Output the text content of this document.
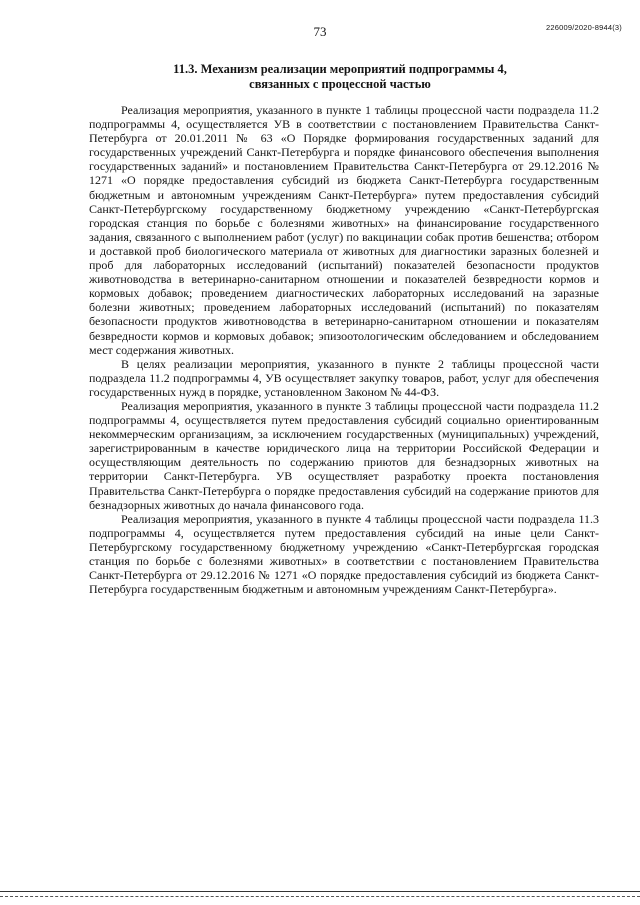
73	226009/2020-8944(3)
11.3. Механизм реализации мероприятий подпрограммы 4,
связанных с процессной частью

Реализация мероприятия, указанного в пункте 1 таблицы процессной части подраздела 11.2 подпрограммы 4, осуществляется УВ в соответствии с постановлением Правительства Санкт-Петербурга от 20.01.2011 № 63 «О Порядке формирования государственных заданий для государственных учреждений Санкт-Петербурга и порядке финансового обеспечения выполнения государственных заданий» и постановлением Правительства Санкт-Петербурга от 29.12.2016 № 1271 «О порядке предоставления субсидий из бюджета Санкт-Петербурга государственным бюджетным и автономным учреждениям Санкт-Петербурга» путем предоставления субсидий Санкт-Петербургскому государственному бюджетному учреждению «Санкт-Петербургская городская станция по борьбе с болезнями животных» на финансирование государственного задания, связанного с выполнением работ (услуг) по вакцинации собак против бешенства; отбором и доставкой проб биологического материала от животных для диагностики заразных болезней и проб для лабораторных исследований (испытаний) показателей безопасности продуктов животноводства в ветеринарно-санитарном отношении и показателей безвредности кормов и кормовых добавок; проведением диагностических лабораторных исследований на заразные болезни животных; проведением лабораторных исследований (испытаний) по показателям безопасности продуктов животноводства в ветеринарно-санитарном отношении и показателям безвредности кормов и кормовых добавок; эпизоотологическим обследованием и обследованием мест содержания животных.

В целях реализации мероприятия, указанного в пункте 2 таблицы процессной части подраздела 11.2 подпрограммы 4, УВ осуществляет закупку товаров, работ, услуг для обеспечения государственных нужд в порядке, установленном Законом № 44-ФЗ.

Реализация мероприятия, указанного в пункте 3 таблицы процессной части подраздела 11.2 подпрограммы 4, осуществляется путем предоставления субсидий социально ориентированным некоммерческим организациям, за исключением государственных (муниципальных) учреждений, зарегистрированным в качестве юридического лица на территории Российской Федерации и осуществляющим деятельность по содержанию приютов для безнадзорных животных на территории Санкт-Петербурга. УВ осуществляет разработку проекта постановления Правительства Санкт-Петербурга о порядке предоставления субсидий на содержание приютов для безнадзорных животных до начала финансового года.

Реализация мероприятия, указанного в пункте 4 таблицы процессной части подраздела 11.3 подпрограммы 4, осуществляется путем предоставления субсидий на иные цели Санкт-Петербургскому государственному бюджетному учреждению «Санкт-Петербургская городская станция по борьбе с болезнями животных» в соответствии с постановлением Правительства Санкт-Петербурга от 29.12.2016 № 1271 «О порядке предоставления субсидий из бюджета Санкт-Петербурга государственным бюджетным и автономным учреждениям Санкт-Петербурга».
